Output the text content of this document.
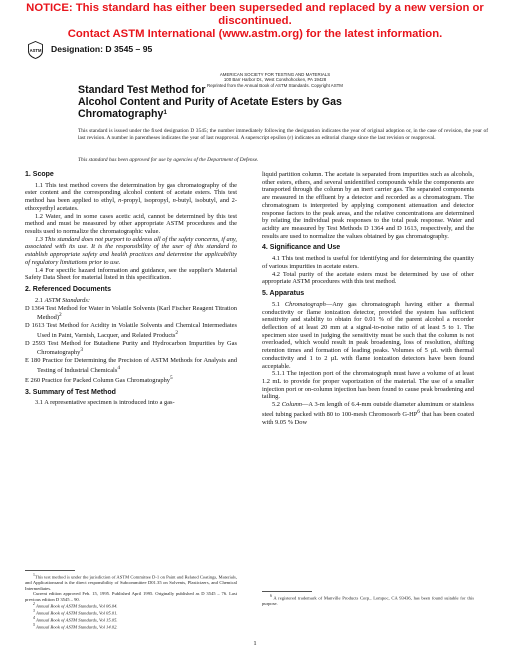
NOTICE: This standard has either been superseded and replaced by a new version or discontinued.
Contact ASTM International (www.astm.org) for the latest information.
ASTM Designation: D 3545 – 95
AMERICAN SOCIETY FOR TESTING AND MATERIALS
100 Barr Harbor Dr., West Conshohocken, PA 19428
Reprinted from the Annual Book of ASTM Standards. Copyright ASTM
Standard Test Method for
Alcohol Content and Purity of Acetate Esters by Gas
Chromatography$^1$
This standard is issued under the fixed designation D 3545; the number immediately following the designation indicates the year of original adoption or, in the case of revision, the year of last revision. A number in parentheses indicates the year of last reapproval. A superscript epsilon (ε) indicates an editorial change since the last revision or reapproval.
This standard has been approved for use by agencies of the Department of Defense.
1. Scope

1.1 This test method covers the determination by gas chromatography of the ester content and the corresponding alcohol content of acetate esters. This test method has been applied to ethyl, n-propyl, isopropyl, n-butyl, isobutyl, and 2-ethoxyethyl acetates.

1.2 Water, and in some cases acetic acid, cannot be determined by this test method and must be measured by other appropriate ASTM procedures and the results used to normalize the chromatographic value.

1.3 This standard does not purport to address all of the safety concerns, if any, associated with its use. It is the responsibility of the user of this standard to establish appropriate safety and health practices and determine the applicability of regulatory limitations prior to use.

1.4 For specific hazard information and guidance, see the supplier's Material Safety Data Sheet for material listed in this specification.

2. Referenced Documents

2.1 ASTM Standards:

D 1364 Test Method for Water in Volatile Solvents (Karl Fischer Reagent Titration Method)$^2$

D 1613 Test Method for Acidity in Volatile Solvents and Chemical Intermediates Used in Paint, Varnish, Lacquer, and Related Products$^2$

D 2593 Test Method for Butadiene Purity and Hydrocarbon Impurities by Gas Chromatography$^3$

E 180 Practice for Determining the Precision of ASTM Methods for Analysis and Testing of Industrial Chemicals$^4$

E 260 Practice for Packed Column Gas Chromatography$^5$

3. Summary of Test Method

3.1 A representative specimen is introduced into a gas-

$^1$This test method is under the jurisdiction of ASTM Committee D-1 on Paint and Related Coatings, Materials, and Applicationsand is the direct responsibility of Subcommittee D01.35 on Solvents, Plasticizers, and Chemical Intermediates.

Current edition approved Feb. 15, 1995. Published April 1995. Originally published as D 3545 – 76. Last previous edition D 3545 – 90.

$^2$ Annual Book of ASTM Standards, Vol 06.04.

$^3$ Annual Book of ASTM Standards, Vol 05.01.

$^4$ Annual Book of ASTM Standards, Vol 15.05.

$^5$ Annual Book of ASTM Standards, Vol 14.02.

liquid partition column. The acetate is separated from impurities such as alcohols, other esters, ethers, and several unidentified compounds while the components are transported through the column by an inert carrier gas. The separated components are measured in the effluent by a detector and recorded as a chromatogram. The chromatogram is interpreted by applying component attenuation and detector response factors to the peak areas, and the relative concentrations are determined by relating the individual peak responses to the total peak response. Water and acidity are measured by Test Methods D 1364 and D 1613, respectively, and the results are used to normalize the values obtained by gas chromatography.

4. Significance and Use

4.1 This test method is useful for identifying and for determining the quantity of various impurities in acetate esters.

4.2 Total purity of the acetate esters must be determined by use of other appropriate ASTM procedures with this test method.

5. Apparatus

5.1 Chromatograph—Any gas chromatograph having either a thermal conductivity or flame ionization detector, provided the system has sufficient sensitivity and stability to obtain for 0.01 % of the parent alcohol a recorder deflection of at least 20 mm at a signal-to-noise ratio of at least 5 to 1. The specimen size used in judging the sensitivity must be such that the column is not overloaded, which would result in peak broadening, loss of resolution, shifting retention times and formation of leading peaks. Volumes of 5 µL with thermal conductivity and 1 to 2 µL with flame ionization detectors have been found acceptable.

5.1.1 The injection port of the chromatograph must have a volume of at least 1.2 mL to provide for proper vaporization of the material. The use of a smaller injection port or on-column injection has been found to cause peak broadening and tailing.

5.2 Column—A 3-m length of 6.4-mm outside diameter aluminum or stainless steel tubing packed with 80 to 100-mesh Chromosorb $G-HP^6$ that has been coated with 9.05 % Dow

$^6$ A registered trademark of Manville Products Corp., Lompoc, CA 93436, has been found suitable for this purpose.

1
